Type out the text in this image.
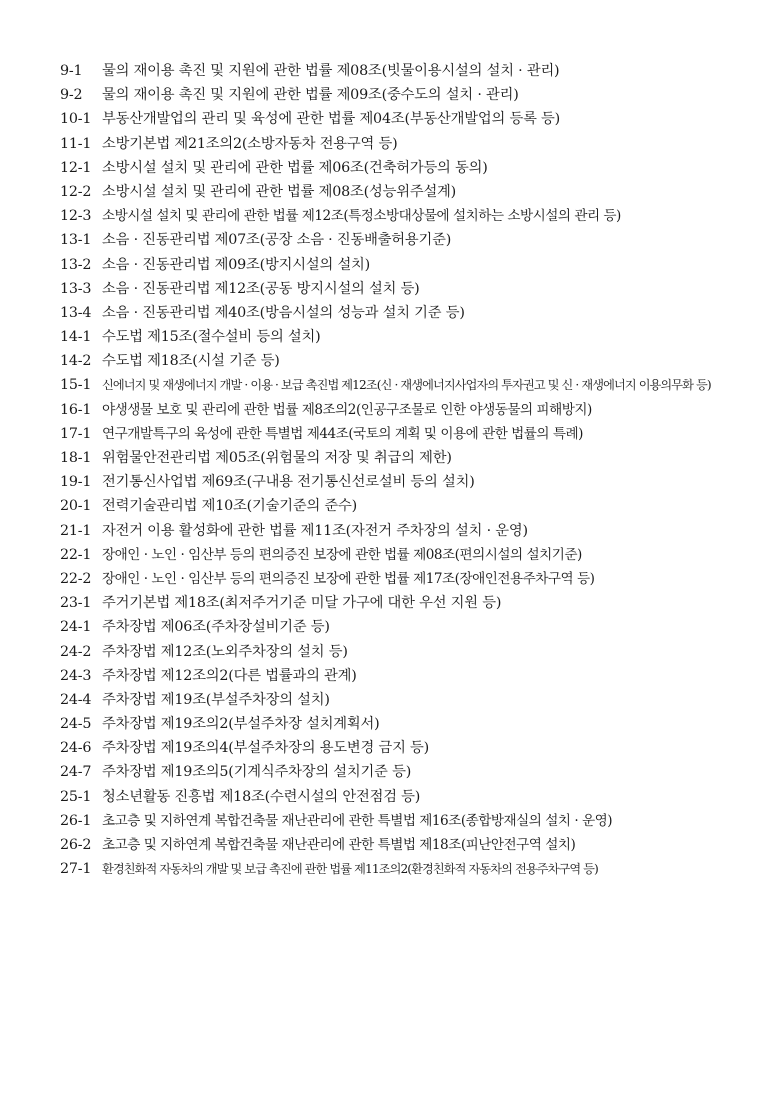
9-1	물의 재이용 촉진 및 지원에 관한 법률 제08조(빗물이용시설의 설치 · 관리)
9-2	물의 재이용 촉진 및 지원에 관한 법률 제09조(중수도의 설치 · 관리)
10-1 부동산개발업의 관리 및 육성에 관한 법률 제04조(부동산개발업의 등록 등)
11-1 소방기본법 제21조의2(소방자동차 전용구역 등)
12-1 소방시설 설치 및 관리에 관한 법률 제06조(건축허가등의 동의)
12-2 소방시설 설치 및 관리에 관한 법률 제08조(성능위주설계)
12-3 소방시설 설치 및 관리에 관한 법률 제12조(특정소방대상물에 설치하는 소방시설의 관리 등)
13-1 소음 · 진동관리법 제07조(공장 소음 · 진동배출허용기준)
13-2 소음 · 진동관리법 제09조(방지시설의 설치)
13-3 소음 · 진동관리법 제12조(공동 방지시설의 설치 등)
13-4 소음 · 진동관리법 제40조(방음시설의 성능과 설치 기준 등)
14-1 수도법 제15조(절수설비 등의 설치)
14-2 수도법 제18조(시설 기준 등)
15-1 신에너지 및 재생에너지 개발 · 이용 · 보급 촉진법 제12조(신 · 재생에너지사업자의 투자권고 및 신 · 재생에너지 이용의무화 등)
16-1 야생생물 보호 및 관리에 관한 법률 제8조의2(인공구조물로 인한 야생동물의 피해방지)
17-1 연구개발특구의 육성에 관한 특별법 제44조(국토의 계획 및 이용에 관한 법률의 특례)
18-1 위험물안전관리법 제05조(위험물의 저장 및 취급의 제한)
19-1 전기통신사업법 제69조(구내용 전기통신선로설비 등의 설치)
20-1 전력기술관리법 제10조(기술기준의 준수)
21-1 자전거 이용 활성화에 관한 법률 제11조(자전거 주차장의 설치 · 운영)
22-1 장애인 · 노인 · 임산부 등의 편의증진 보장에 관한 법률 제08조(편의시설의 설치기준)
22-2 장애인 · 노인 · 임산부 등의 편의증진 보장에 관한 법률 제17조(장애인전용주차구역 등)
23-1 주거기본법 제18조(최저주거기준 미달 가구에 대한 우선 지원 등)
24-1 주차장법 제06조(주차장설비기준 등)
24-2 주차장법 제12조(노외주차장의 설치 등)
24-3 주차장법 제12조의2(다른 법률과의 관계)
24-4 주차장법 제19조(부설주차장의 설치)
24-5 주차장법 제19조의2(부설주차장 설치계획서)
24-6 주차장법 제19조의4(부설주차장의 용도변경 금지 등)
24-7 주차장법 제19조의5(기계식주차장의 설치기준 등)
25-1 청소년활동 진흥법 제18조(수련시설의 안전점검 등)
26-1 초고층 및 지하연계 복합건축물 재난관리에 관한 특별법 제16조(종합방재실의 설치 · 운영)
26-2 초고층 및 지하연계 복합건축물 재난관리에 관한 특별법 제18조(피난안전구역 설치)
27-1 환경친화적 자동차의 개발 및 보급 촉진에 관한 법률 제11조의2(환경친화적 자동차의 전용주차구역 등)
